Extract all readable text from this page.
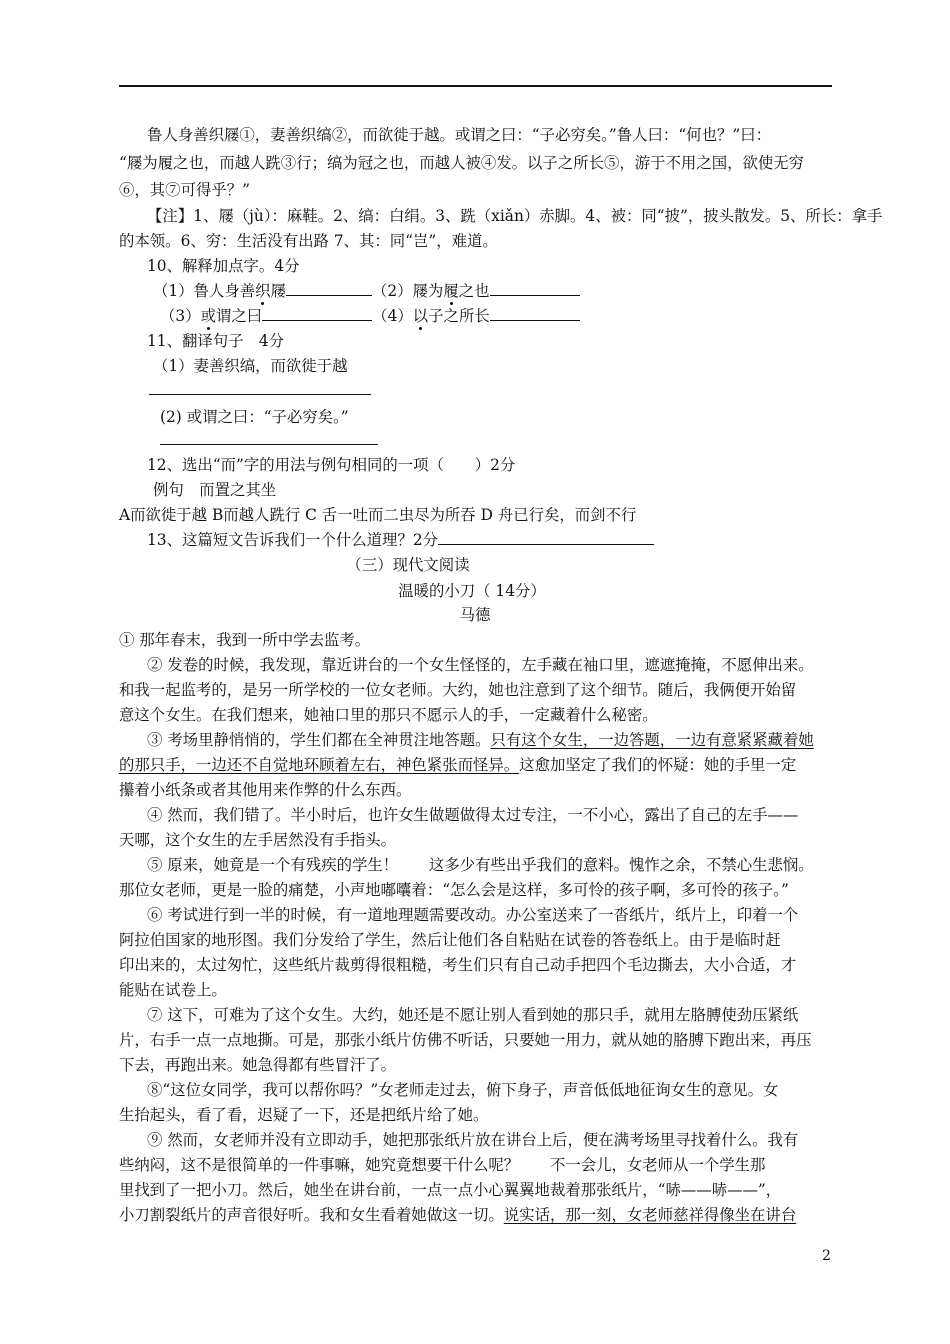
鲁人身善织屦①，妻善织缟②，而欲徙于越。或谓之曰：“子必穷矣。”鲁人曰：“何也？”曰：
“屦为履之也，而越人跣③行；缟为冠之也，而越人被④发。以子之所长⑤，游于不用之国，欲使无穷
⑥，其⑦可得乎？”
【注】1、屦（jù）：麻鞋。2、缟：白绢。3、跣（xiǎn）赤脚。4、被：同“披”，披头散发。5、所长：拿手
的本领。6、穷：生活没有出路 7、其：同“岂”，难道。
10、解释加点字。4分
（1）鲁人身善织屦	（2）屦为履之也
（3）或谓之曰	（4）以子之所长
11、翻译句子　4分
（1）妻善织缟，而欲徙于越
(2) 或谓之曰：“子必穷矣。”
12、选出“而”字的用法与例句相同的一项（　　）2分
例句　而置之其坐
A而欲徙于越 B而越人跣行 C 舌一吐而二虫尽为所吞 D 舟已行矣，而剑不行
13、这篇短文告诉我们一个什么道理？2分
（三）现代文阅读
温暖的小刀（ 14分）
马德
① 那年春末，我到一所中学去监考。
② 发卷的时候，我发现，靠近讲台的一个女生怪怪的，左手藏在袖口里，遮遮掩掩，不愿伸出来。
和我一起监考的，是另一所学校的一位女老师。大约，她也注意到了这个细节。随后，我俩便开始留
意这个女生。在我们想来，她袖口里的那只不愿示人的手，一定藏着什么秘密。
③ 考场里静悄悄的，学生们都在全神贯注地答题。只有这个女生，一边答题，一边有意紧紧藏着她
的那只手，一边还不自觉地环顾着左右，神色紧张而怪异。这愈加坚定了我们的怀疑：她的手里一定
攥着小纸条或者其他用来作弊的什么东西。
④ 然而，我们错了。半小时后，也许女生做题做得太过专注，一不小心，露出了自己的左手——
天哪，这个女生的左手居然没有手指头。
⑤ 原来，她竟是一个有残疾的学生！　　这多少有些出乎我们的意料。愧怍之余，不禁心生悲悯。
那位女老师，更是一脸的痛楚，小声地嘟囔着：“怎么会是这样，多可怜的孩子啊，多可怜的孩子。”
⑥ 考试进行到一半的时候，有一道地理题需要改动。办公室送来了一沓纸片，纸片上，印着一个
阿拉伯国家的地形图。我们分发给了学生，然后让他们各自粘贴在试卷的答卷纸上。由于是临时赶
印出来的，太过匆忙，这些纸片裁剪得很粗糙，考生们只有自己动手把四个毛边撕去，大小合适，才
能贴在试卷上。
⑦ 这下，可难为了这个女生。大约，她还是不愿让别人看到她的那只手，就用左胳膊使劲压紧纸
片，右手一点一点地撕。可是，那张小纸片仿佛不听话，只要她一用力，就从她的胳膊下跑出来，再压
下去，再跑出来。她急得都有些冒汗了。
⑧“这位女同学，我可以帮你吗？”女老师走过去，俯下身子，声音低低地征询女生的意见。女
生抬起头，看了看，迟疑了一下，还是把纸片给了她。
⑨ 然而，女老师并没有立即动手，她把那张纸片放在讲台上后，便在满考场里寻找着什么。我有
些纳闷，这不是很简单的一件事嘛，她究竟想要干什么呢？　　不一会儿，女老师从一个学生那
里找到了一把小刀。然后，她坐在讲台前，一点一点小心翼翼地裁着那张纸片，“哧——哧——”，
小刀割裂纸片的声音很好听。我和女生看着她做这一切。说实话，那一刻，女老师慈祥得像坐在讲台
2
